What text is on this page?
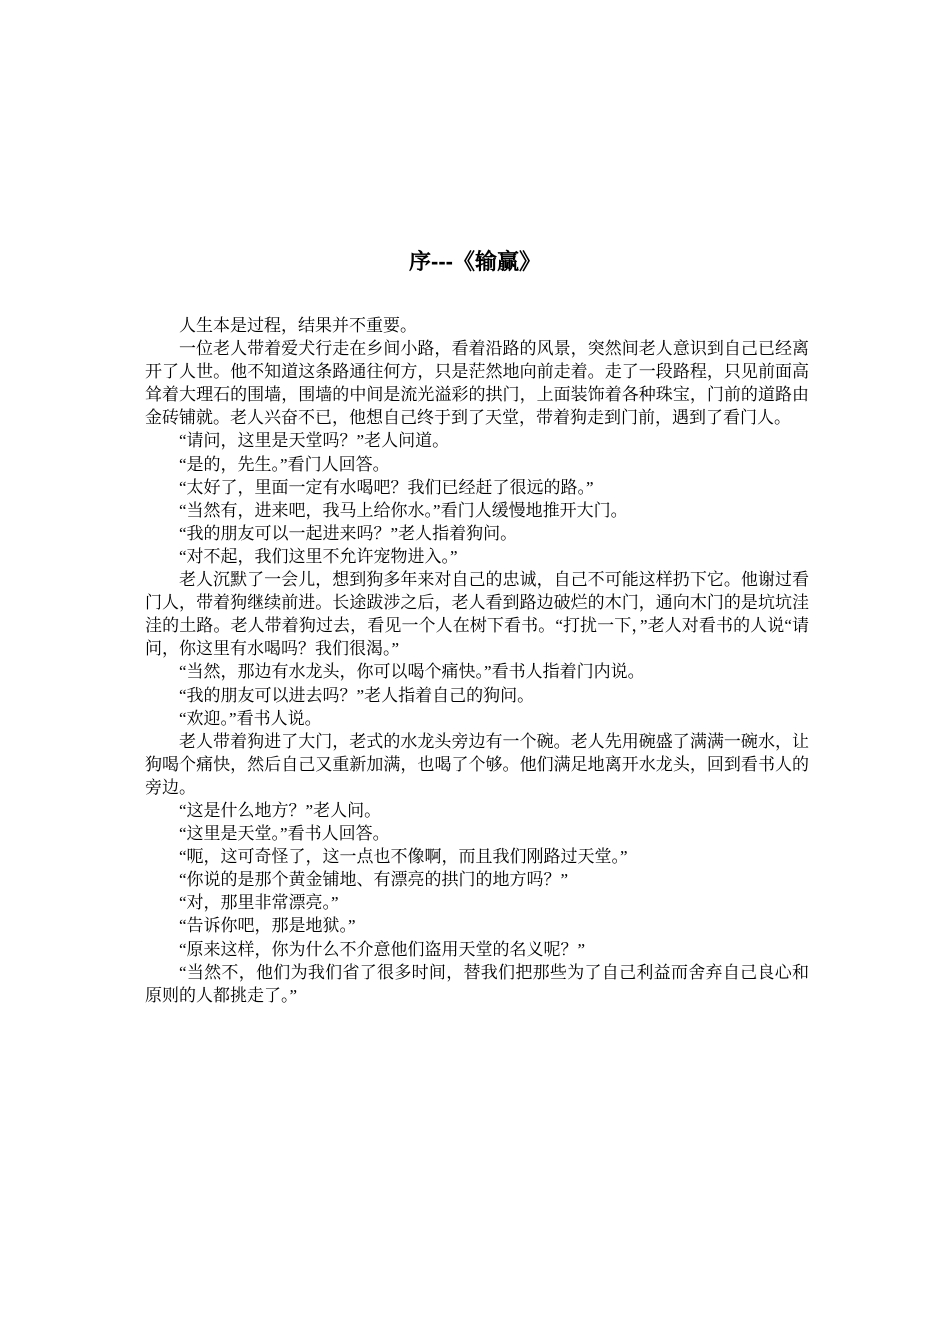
序---《输赢》

人生本是过程，结果并不重要。

一位老人带着爱犬行走在乡间小路，看着沿路的风景，突然间老人意识到自己已经离开了人世。他不知道这条路通往何方，只是茫然地向前走着。走了一段路程，只见前面高耸着大理石的围墙，围墙的中间是流光溢彩的拱门，上面装饰着各种珠宝，门前的道路由金砖铺就。老人兴奋不已，他想自己终于到了天堂，带着狗走到门前，遇到了看门人。

“请问，这里是天堂吗？”老人问道。

“是的，先生。”看门人回答。

“太好了，里面一定有水喝吧？我们已经赶了很远的路。”

“当然有，进来吧，我马上给你水。”看门人缓慢地推开大门。

“我的朋友可以一起进来吗？”老人指着狗问。

“对不起，我们这里不允许宠物进入。”

老人沉默了一会儿，想到狗多年来对自己的忠诚，自己不可能这样扔下它。他谢过看门人，带着狗继续前进。长途跋涉之后，老人看到路边破烂的木门，通向木门的是坑坑洼洼的土路。老人带着狗过去，看见一个人在树下看书。“打扰一下，”老人对看书的人说“请问，你这里有水喝吗？我们很渴。”

“当然，那边有水龙头，你可以喝个痛快。”看书人指着门内说。

“我的朋友可以进去吗？”老人指着自己的狗问。

“欢迎。”看书人说。

老人带着狗进了大门，老式的水龙头旁边有一个碗。老人先用碗盛了满满一碗水，让狗喝个痛快，然后自己又重新加满，也喝了个够。他们满足地离开水龙头，回到看书人的旁边。

“这是什么地方？”老人问。

“这里是天堂。”看书人回答。

“呃，这可奇怪了，这一点也不像啊，而且我们刚路过天堂。”

“你说的是那个黄金铺地、有漂亮的拱门的地方吗？”

“对，那里非常漂亮。”

“告诉你吧，那是地狱。”

“原来这样，你为什么不介意他们盗用天堂的名义呢？”

“当然不，他们为我们省了很多时间，替我们把那些为了自己利益而舍弃自己良心和原则的人都挑走了。”
